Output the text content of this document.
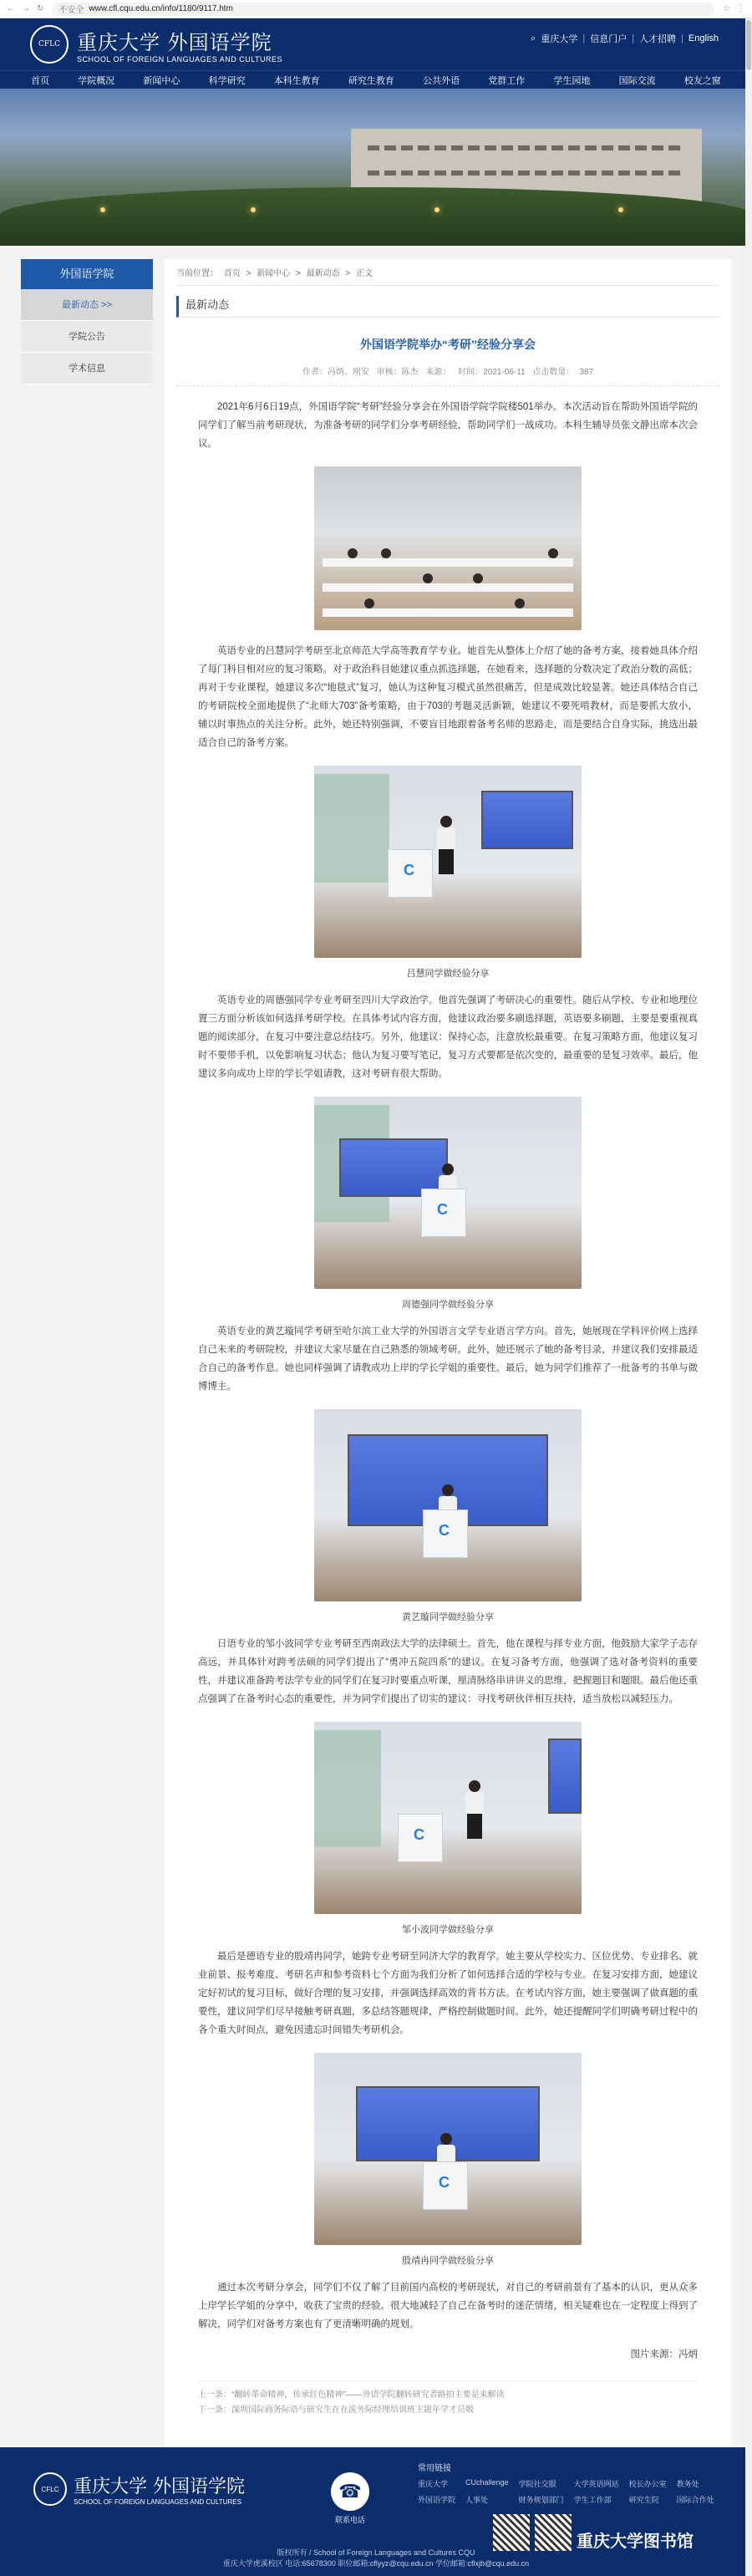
← → ↻ 不安全 www.cfl.cqu.edu.cn/info/1180/9117.htm	☆ ⋮
CFLC 重庆大学 外国语学院
SCHOOL OF FOREIGN LANGUAGES AND CULTURES
⌕ 重庆大学 | 信息门户 | 人才招聘 | English
首页	学院概况	新闻中心	科学研究	本科生教育	研究生教育	公共外语	党群工作	学生园地	国际交流	校友之窗
外国语学院
最新动态 >>
学院公告
学术信息
当前位置： 首页 > 新闻中心 > 最新动态 > 正文
最新动态
外国语学院举办“考研”经验分享会
作者：冯炳、刚安 审核：陈杰 来源： 时间：2021-06-11 点击数量： 387

2021年6月6日19点，外国语学院“考研”经验分享会在外国语学院学院楼501举办。本次活动旨在帮助外国语学院的同学们了解当前考研现状，为准备考研的同学们分享考研经验，帮助同学们一战成功。本科生辅导员张文静出席本次会议。

英语专业的吕慧同学考研至北京师范大学高等教育学专业。她首先从整体上介绍了她的备考方案，接着她具体介绍了每门科目相对应的复习策略。对于政治科目她建议重点抓选择题，在她看来，选择题的分数决定了政治分数的高低；再对于专业课程，她建议多次“地毯式”复习，她认为这种复习模式虽然很痛苦，但是成效比较显著。她还具体结合自己的考研院校全面地提供了“北师大703”备考策略，由于703的考题灵活新颖，她建议不要死啃教材，而是要抓大放小，辅以时事热点的关注分析。此外，她还特别强调，不要盲目地跟着备考名师的思路走，而是要结合自身实际，挑选出最适合自己的备考方案。

C
吕慧同学做经验分享

英语专业的周德强同学专业考研至四川大学政治学。他首先强调了考研决心的重要性。随后从学校、专业和地理位置三方面分析该如何选择考研学校。在具体考试内容方面，他建议政治要多刷选择题，英语要多刷题，主要是要重视真题的阅读部分，在复习中要注意总结技巧。另外，他建议：保持心态，注意放松最重要。在复习策略方面，他建议复习时不要带手机，以免影响复习状态；他认为复习要写笔记，复习方式要都是依次变的，最重要的是复习效率。最后，他建议多向成功上岸的学长学姐请教，这对考研有很大帮助。

C
周德强同学做经验分享

英语专业的黄艺璇同学考研至哈尔滨工业大学的外国语言文学专业语言学方向。首先，她展现在学科评价网上选择自己未来的考研院校，并建议大家尽量在自己熟悉的领域考研。此外，她还展示了她的备考目录，并建议我们安排最适合自己的备考作息。她也同样强调了请教成功上岸的学长学姐的重要性。最后，她为同学们推荐了一批备考的书单与微博博主。

C
黄艺璇同学做经验分享

日语专业的邹小波同学专业考研至西南政法大学的法律硕士。首先，他在课程与择专业方面，他鼓励大家学子志存高远，并具体针对跨考法硕的同学们提出了“勇冲五院四系”的建议。在复习备考方面，他强调了选对备考资料的重要性，并建议准备跨考法学专业的同学们在复习时要重点听课，厘清脉络串讲讲义的思维，把握题目和题眼。最后他还重点强调了在备考时心态的重要性，并为同学们提出了切实的建议：寻找考研伙伴相互扶持，适当放松以减轻压力。

C
邹小波同学做经验分享

最后是德语专业的殷靖冉同学，她跨专业考研至同济大学的教育学。她主要从学校实力、区位优势、专业排名、就业前景、报考难度、考研名声和参考资料七个方面为我们分析了如何选择合适的学校与专业。在复习安排方面，她建议定好初试的复习目标，做好合理的复习安排，并强调选择高效的背书方法。在考试内容方面，她主要强调了做真题的重要性，建议同学们尽早接触考研真题，多总结答题规律，严格控制做题时间。此外，她还提醒同学们明确考研过程中的各个重大时间点，避免因遗忘时间错失考研机会。

C
殷靖冉同学做经验分享

通过本次考研分享会，同学们不仅了解了目前国内高校的考研现状，对自己的考研前景有了基本的认识，更从众多上岸学长学姐的分享中，收获了宝贵的经验。很大地减轻了自己在备考时的迷茫情绪，相关疑难也在一定程度上得到了解决，同学们对备考方案也有了更清晰明确的规划。

图片来源：冯炳
上一条：“翻转革命精神，传承红色精神”——外语学院翻转研究者路拍主要是来解读
下一条：深圳国际商务际语与研究生在在流外际经理培训班主题年学才员吸
CFLC 重庆大学 外国语学院
SCHOOL OF FOREIGN LANGUAGES AND CULTURES
☎
联系电话
常用链接
重庆大学	CUchallenge 学院社交服	大学英语网站 校长办公室 教务处
外国语学院 人事处	财务规划部门 学生工作部	研究生院	国际合作处
重庆大学图书馆
版权所有 / School of Foreign Languages and Cultures CQU
重庆大学虎溪校区 电话:65678300 职位邮箱:cflyyz@cqu.edu.cn 学位邮箱:cflxjb@cqu.edu.cn
